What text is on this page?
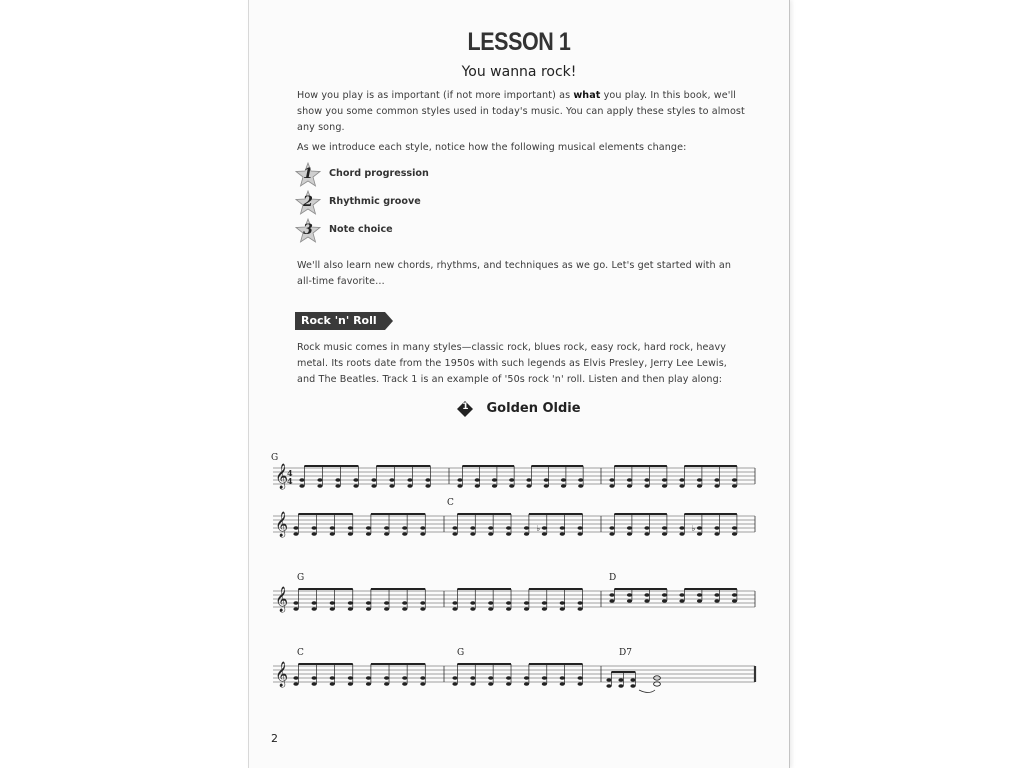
LESSON 1
You wanna rock!
How you play is as important (if not more important) as what you play. In this book, we'll show you some common styles used in today's music. You can apply these styles to almost any song.
As we introduce each style, notice how the following musical elements change:
1 Chord progression
2 Rhythmic groove
3 Note choice
We'll also learn new chords, rhythms, and techniques as we go. Let's get started with an all-time favorite…
Rock 'n' Roll
Rock music comes in many styles—classic rock, blues rock, easy rock, hard rock, heavy metal. Its roots date from the 1950s with such legends as Elvis Presley, Jerry Lee Lewis, and The Beatles. Track 1 is an example of '50s rock 'n' roll. Listen and then play along:
1	Golden Oldie
G
C
G	D
C	G	D7
𝄞
4
4
𝄞	♭	♭
𝄞
𝄞
2
